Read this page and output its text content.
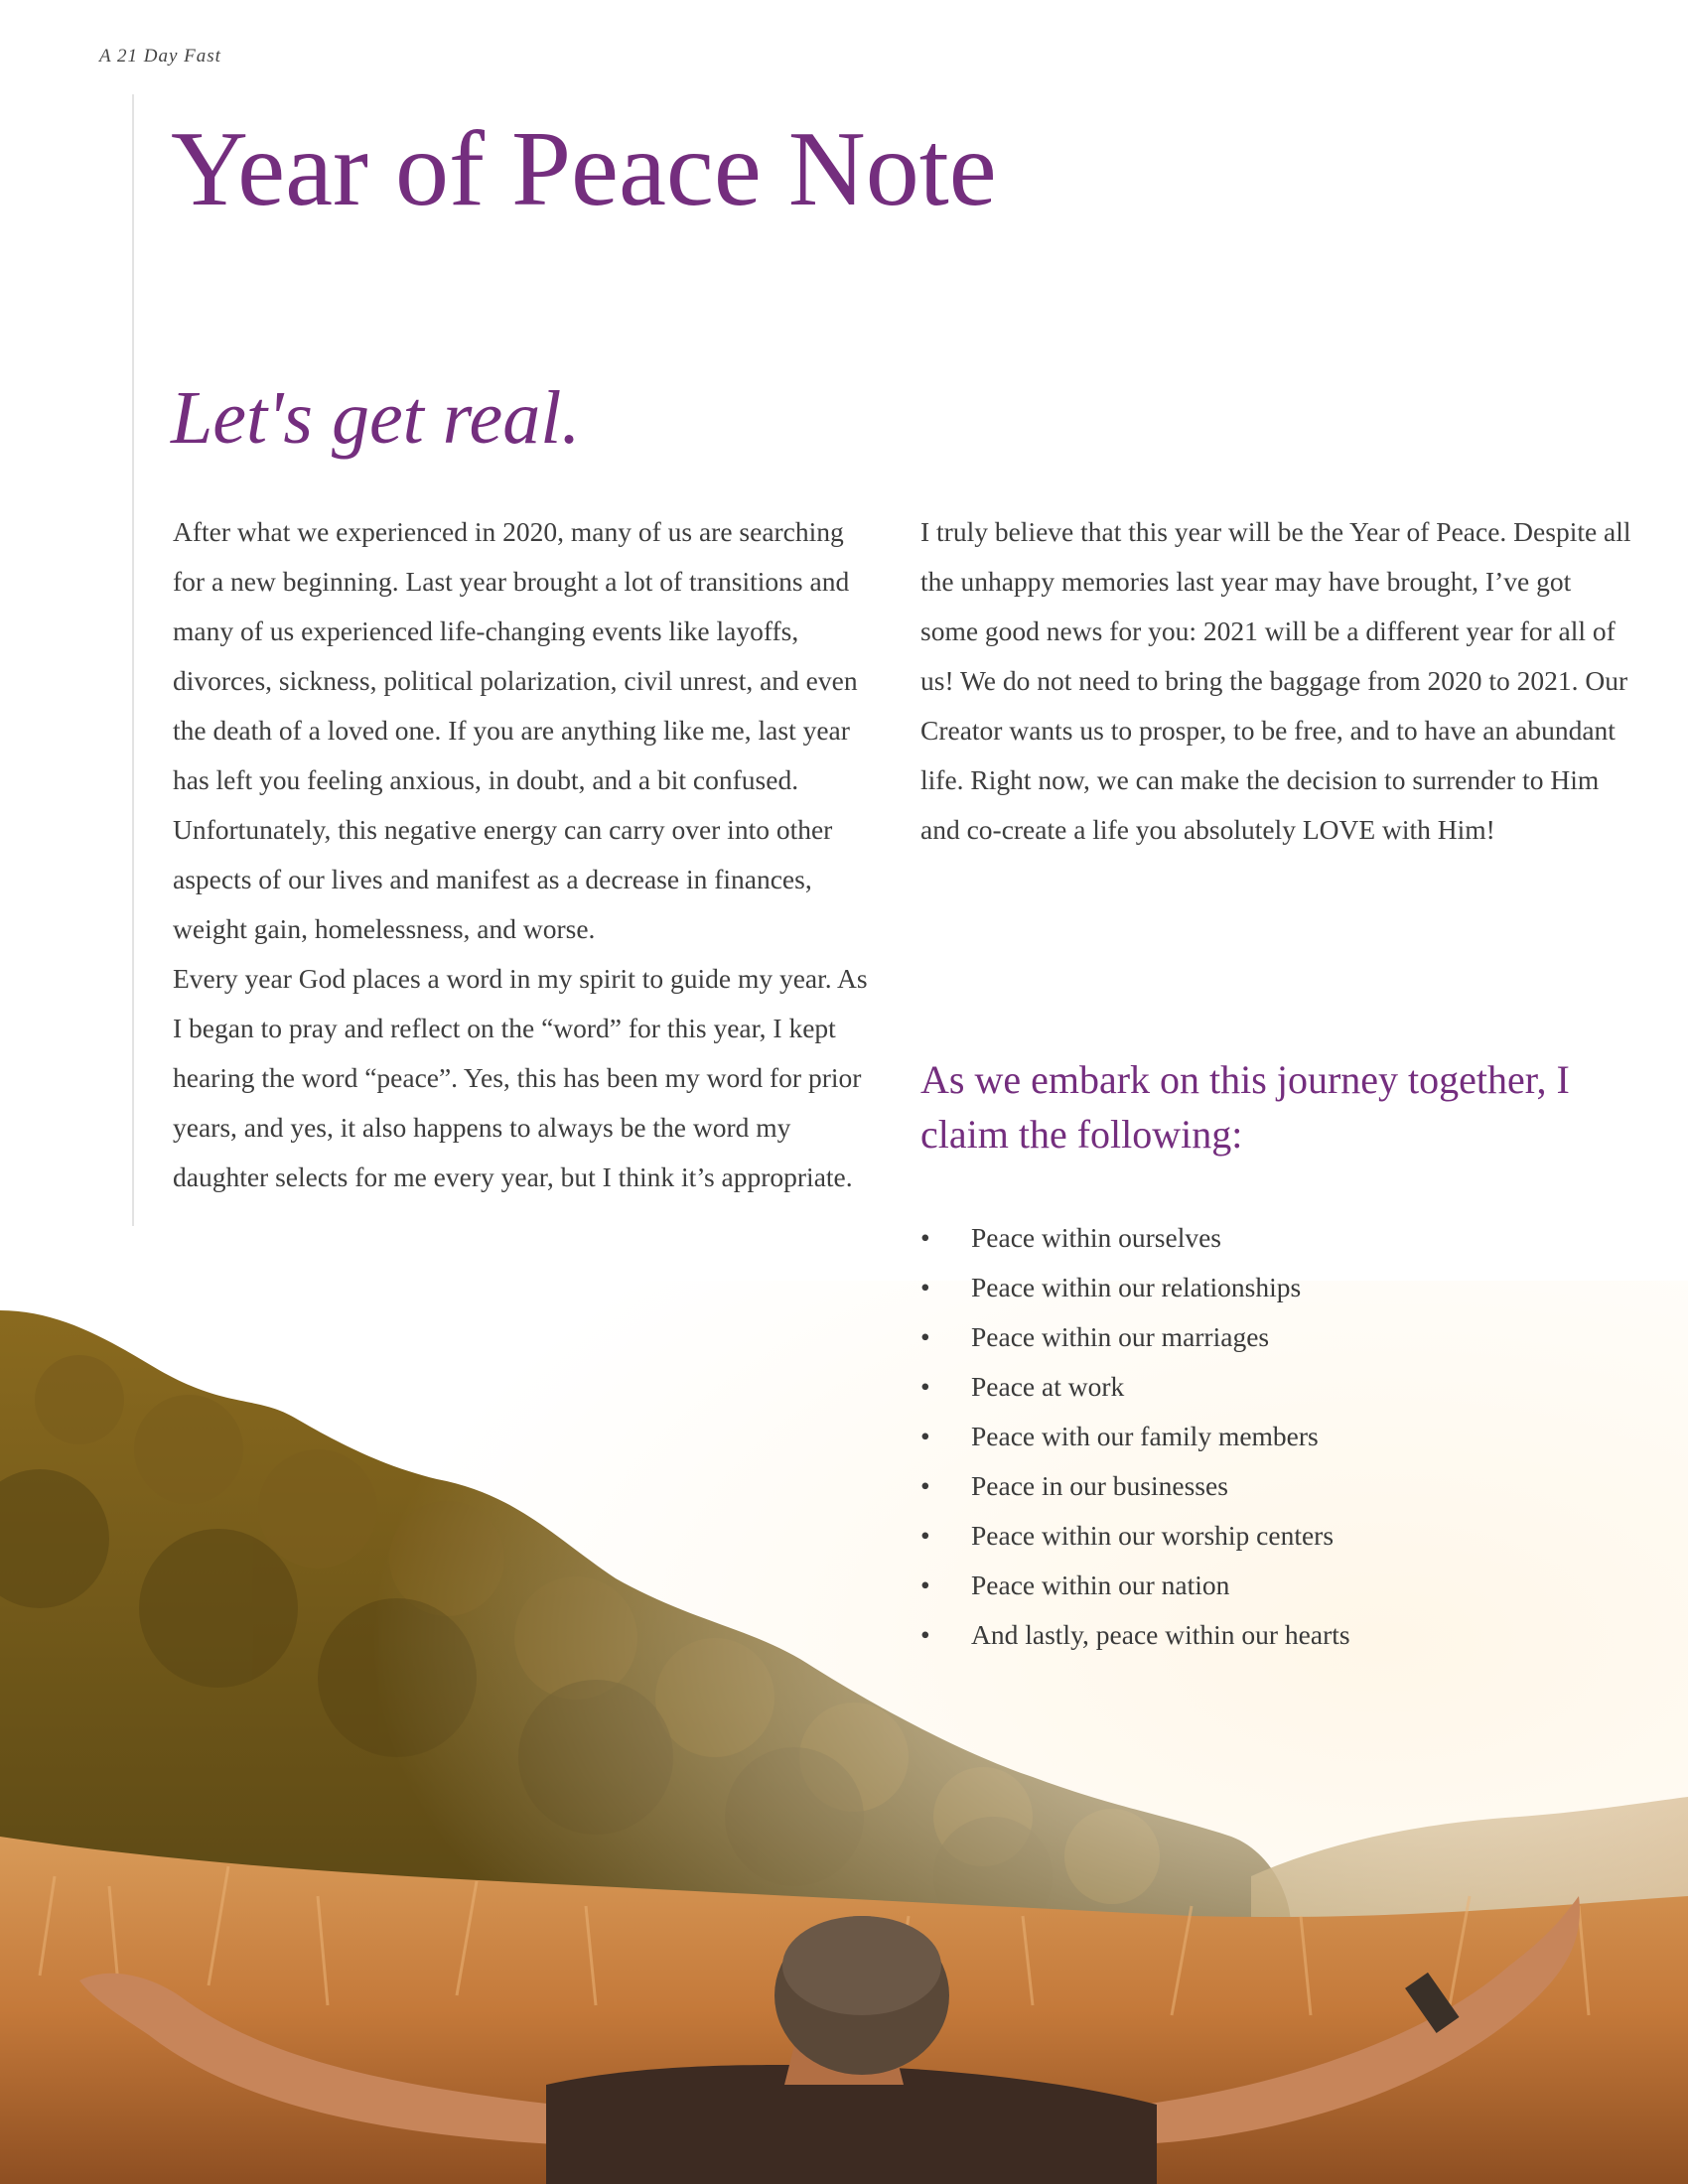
A 21 Day Fast
Year of Peace Note
Let's get real.

After what we experienced in 2020, many of us are searching for a new beginning. Last year brought a lot of transitions and many of us experienced life-changing events like layoffs, divorces, sickness, political polarization, civil unrest, and even the death of a loved one. If you are anything like me, last year has left you feeling anxious, in doubt, and a bit confused. Unfortunately, this negative energy can carry over into other aspects of our lives and manifest as a decrease in finances, weight gain, homelessness, and worse.

Every year God places a word in my spirit to guide my year. As I began to pray and reflect on the “word” for this year, I kept hearing the word “peace”. Yes, this has been my word for prior years, and yes, it also happens to always be the word my daughter selects for me every year, but I think it’s appropriate.

I truly believe that this year will be the Year of Peace. Despite all the unhappy memories last year may have brought, I’ve got some good news for you: 2021 will be a different year for all of us! We do not need to bring the baggage from 2020 to 2021. Our Creator wants us to prosper, to be free, and to have an abundant life. Right now, we can make the decision to surrender to Him and co-create a life you absolutely LOVE with Him!

As we embark on this journey together, I claim the following:
• Peace within ourselves
• Peace within our relationships
• Peace within our marriages
• Peace at work
• Peace with our family members
• Peace in our businesses
• Peace within our worship centers
• Peace within our nation
• And lastly, peace within our hearts
